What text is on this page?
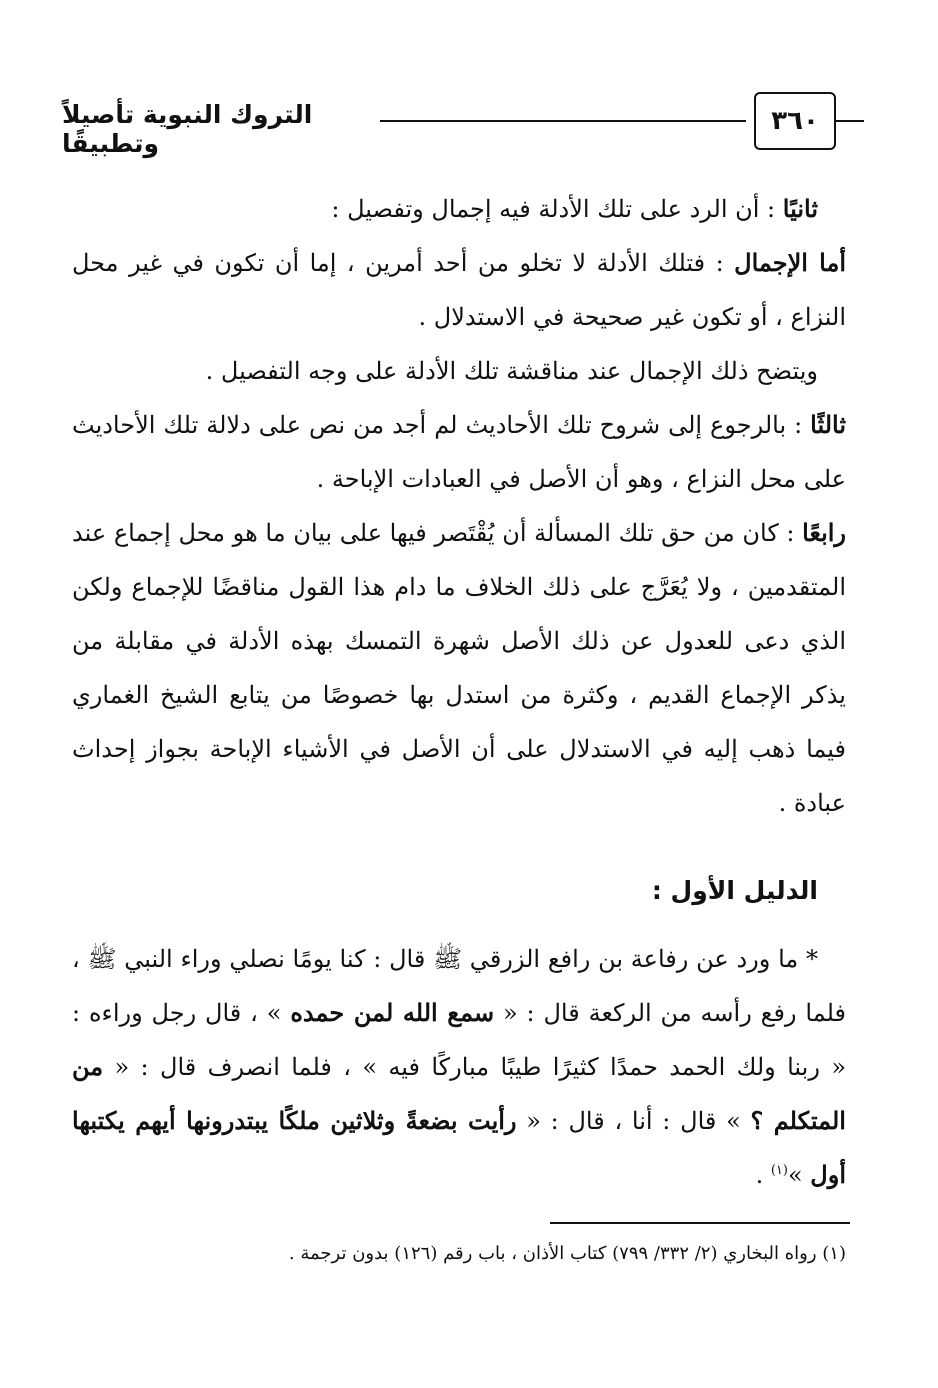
٣٦٠
التروك النبوية تأصيلاً وتطبيقًا

ثانيًا : أن الرد على تلك الأدلة فيه إجمال وتفصيل :

أما الإجمال : فتلك الأدلة لا تخلو من أحد أمرين ، إما أن تكون في غير محل النزاع ، أو تكون غير صحيحة في الاستدلال .

ويتضح ذلك الإجمال عند مناقشة تلك الأدلة على وجه التفصيل .

ثالثًا : بالرجوع إلى شروح تلك الأحاديث لم أجد من نص على دلالة تلك الأحاديث على محل النزاع ، وهو أن الأصل في العبادات الإباحة .

رابعًا : كان من حق تلك المسألة أن يُقْتَصر فيها على بيان ما هو محل إجماع عند المتقدمين ، ولا يُعَرَّج على ذلك الخلاف ما دام هذا القول مناقضًا للإجماع ولكن الذي دعى للعدول عن ذلك الأصل شهرة التمسك بهذه الأدلة في مقابلة من يذكر الإجماع القديم ، وكثرة من استدل بها خصوصًا من يتابع الشيخ الغماري فيما ذهب إليه في الاستدلال على أن الأصل في الأشياء الإباحة بجواز إحداث عبادة .

الدليل الأول :

* ما ورد عن رفاعة بن رافع الزرقي ﷺ قال : كنا يومًا نصلي وراء النبي ﷺ ، فلما رفع رأسه من الركعة قال : « سمع الله لمن حمده » ، قال رجل وراءه : « ربنا ولك الحمد حمدًا كثيرًا طيبًا مباركًا فيه » ، فلما انصرف قال : « من المتكلم ؟ » قال : أنا ، قال : « رأيت بضعةً وثلاثين ملكًا يبتدرونها أيهم يكتبها أول »$^{(١)}$ .

(١) رواه البخاري (٢/ ٣٣٢/ ٧٩٩) كتاب الأذان ، باب رقم (١٢٦) بدون ترجمة .
